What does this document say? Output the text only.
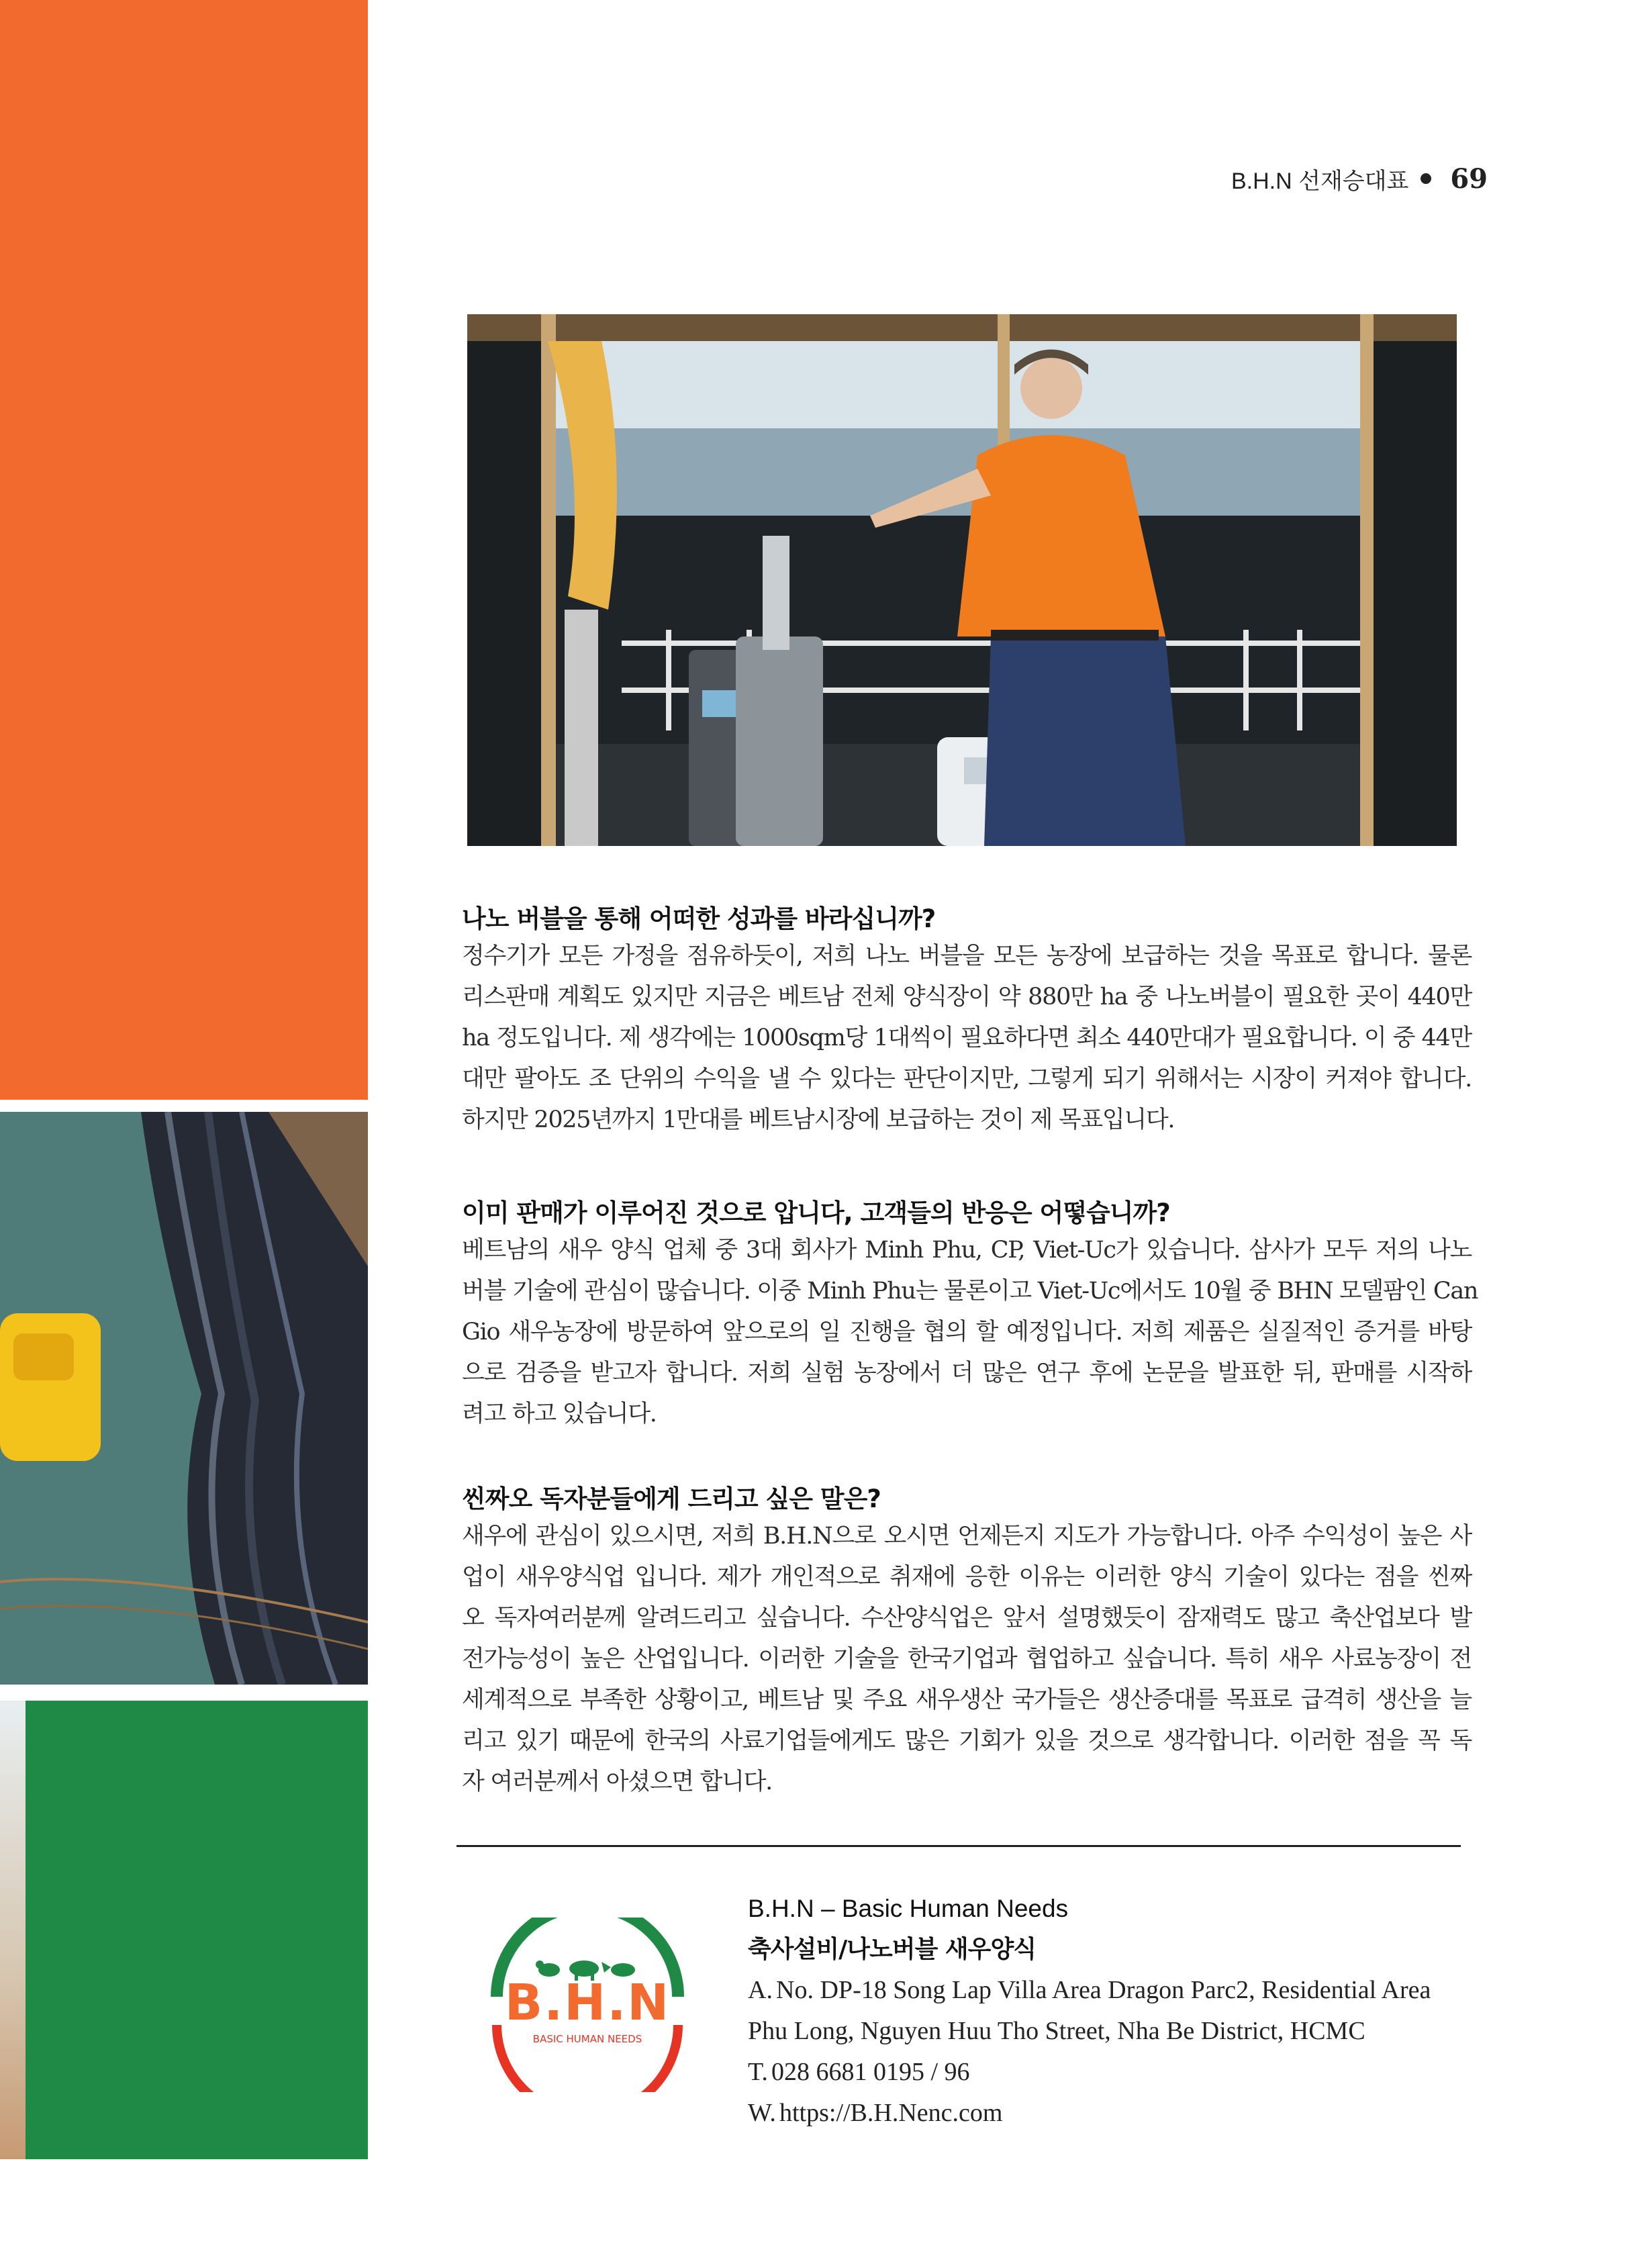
B.H.N 선재승대표 69
나노 버블을 통해 어떠한 성과를 바라십니까?
정수기가 모든 가정을 점유하듯이, 저희 나노 버블을 모든 농장에 보급하는 것을 목표로 합니다. 물론
리스판매 계획도 있지만 지금은 베트남 전체 양식장이 약 880만 ha 중 나노버블이 필요한 곳이 440만
ha 정도입니다. 제 생각에는 1000sqm당 1대씩이 필요하다면 최소 440만대가 필요합니다. 이 중 44만
대만 팔아도 조 단위의 수익을 낼 수 있다는 판단이지만, 그렇게 되기 위해서는 시장이 커져야 합니다.
하지만 2025년까지 1만대를 베트남시장에 보급하는 것이 제 목표입니다.
이미 판매가 이루어진 것으로 압니다, 고객들의 반응은 어떻습니까?
베트남의 새우 양식 업체 중 3대 회사가 Minh Phu, CP, Viet-Uc가 있습니다. 삼사가 모두 저의 나노
버블 기술에 관심이 많습니다. 이중 Minh Phu는 물론이고 Viet-Uc에서도 10월 중 BHN 모델팜인 Can
Gio 새우농장에 방문하여 앞으로의 일 진행을 협의 할 예정입니다. 저희 제품은 실질적인 증거를 바탕
으로 검증을 받고자 합니다. 저희 실험 농장에서 더 많은 연구 후에 논문을 발표한 뒤, 판매를 시작하
려고 하고 있습니다.
씬짜오 독자분들에게 드리고 싶은 말은?
새우에 관심이 있으시면, 저희 B.H.N으로 오시면 언제든지 지도가 가능합니다. 아주 수익성이 높은 사
업이 새우양식업 입니다. 제가 개인적으로 취재에 응한 이유는 이러한 양식 기술이 있다는 점을 씬짜
오 독자여러분께 알려드리고 싶습니다. 수산양식업은 앞서 설명했듯이 잠재력도 많고 축산업보다 발
전가능성이 높은 산업입니다. 이러한 기술을 한국기업과 협업하고 싶습니다. 특히 새우 사료농장이 전
세계적으로 부족한 상황이고, 베트남 및 주요 새우생산 국가들은 생산증대를 목표로 급격히 생산을 늘
리고 있기 때문에 한국의 사료기업들에게도 많은 기회가 있을 것으로 생각합니다. 이러한 점을 꼭 독
자 여러분께서 아셨으면 합니다.
B.H.N
BASIC HUMAN NEEDS
B.H.N – Basic Human Needs
축사설비/나노버블 새우양식
A. No. DP-18 Song Lap Villa Area Dragon Parc2, Residential Area
Phu Long, Nguyen Huu Tho Street, Nha Be District, HCMC
T. 028 6681 0195 / 96
W. https://B.H.Nenc.com
